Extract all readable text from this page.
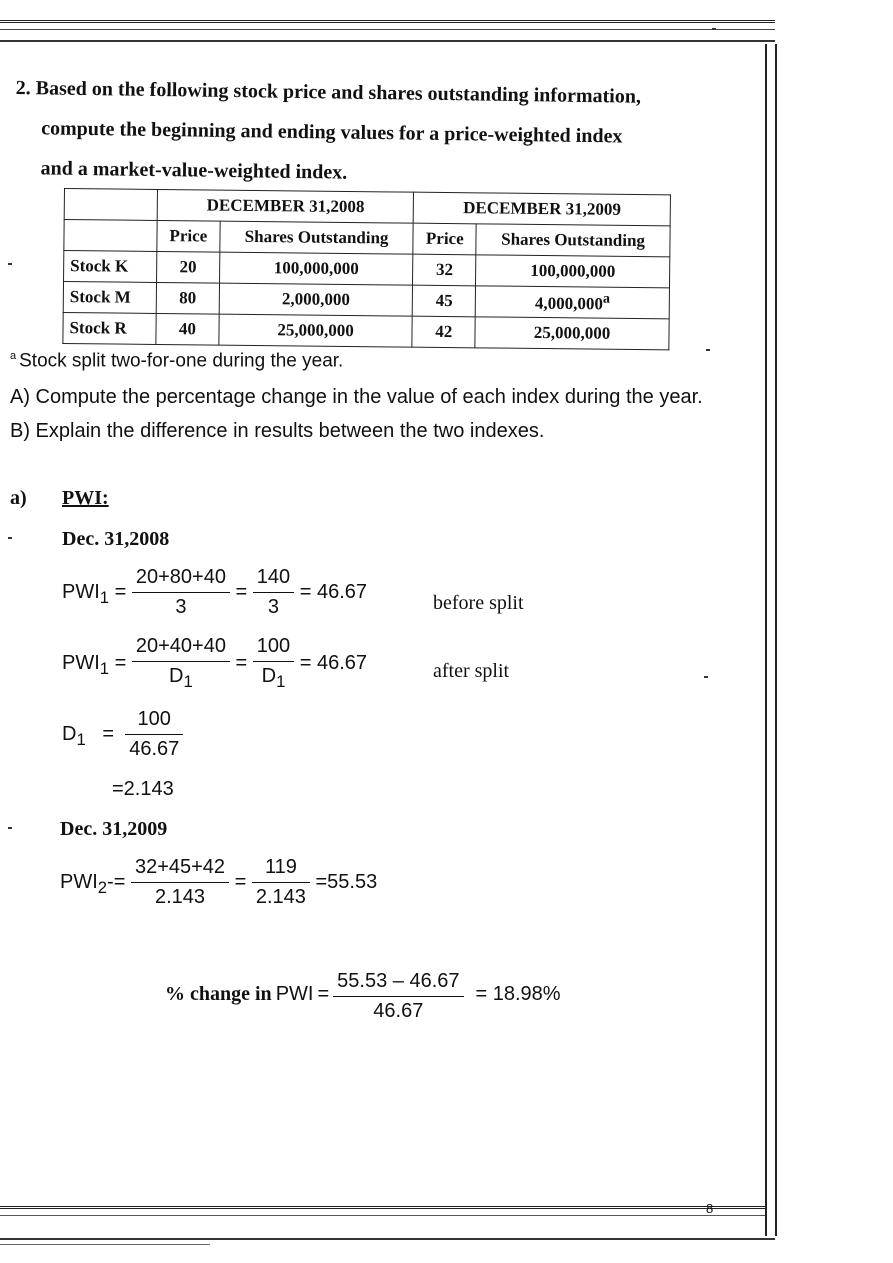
2. Based on the following stock price and shares outstanding information,
compute the beginning and ending values for a price-weighted index
and a market-value-weighted index.
	DECEMBER 31,2008		DECEMBER 31,2009	
	Price	Shares Outstanding	Price	Shares Outstanding
Stock K	20	100,000,000	32	100,000,000
Stock M	80	2,000,000	45	4,000,000$^a$
Stock R	40	25,000,000	42	25,000,000
$^a$ Stock split two-for-one during the year.
A) Compute the percentage change in the value of each index during the year.
B) Explain the difference in results between the two indexes.
a) PWI:
Dec. 31,2008
$PWI_1 = \frac{20+80+40}{3} = \frac{140}{3} = 46.67$
before split
$PWI_1 = \frac{20+40+40}{D_1} = \frac{100}{D_1} = 46.67$	after split
$D_1 = \frac{100}{46.67}$
=2.143
Dec. 31,2009
$PWI_2-= \frac{32+45+42}{2.143} = \frac{119}{2.143} =55.53$
% change in PWI = $\frac{55.53 - 46.67}{46.67} = 18.98\%$
8
